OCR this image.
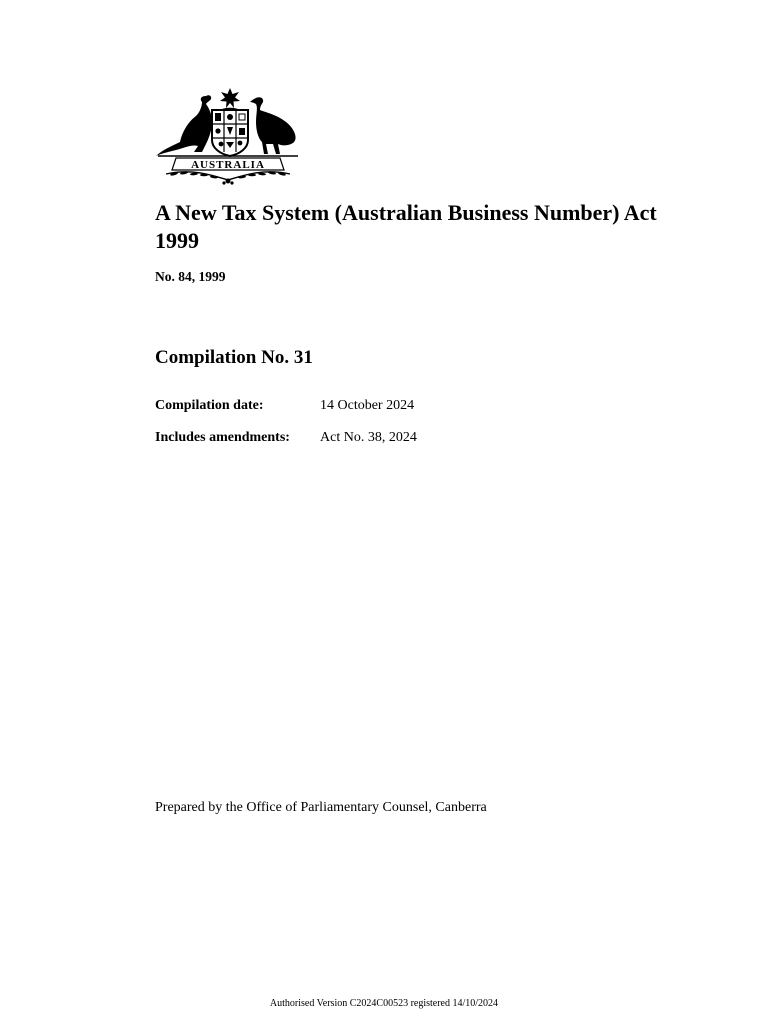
AUSTRALIA
A New Tax System (Australian Business Number) Act 1999

No. 84, 1999

Compilation No. 31
Compilation date:	14 October 2024
Includes amendments: Act No. 38, 2024

Prepared by the Office of Parliamentary Counsel, Canberra

Authorised Version C2024C00523 registered 14/10/2024
